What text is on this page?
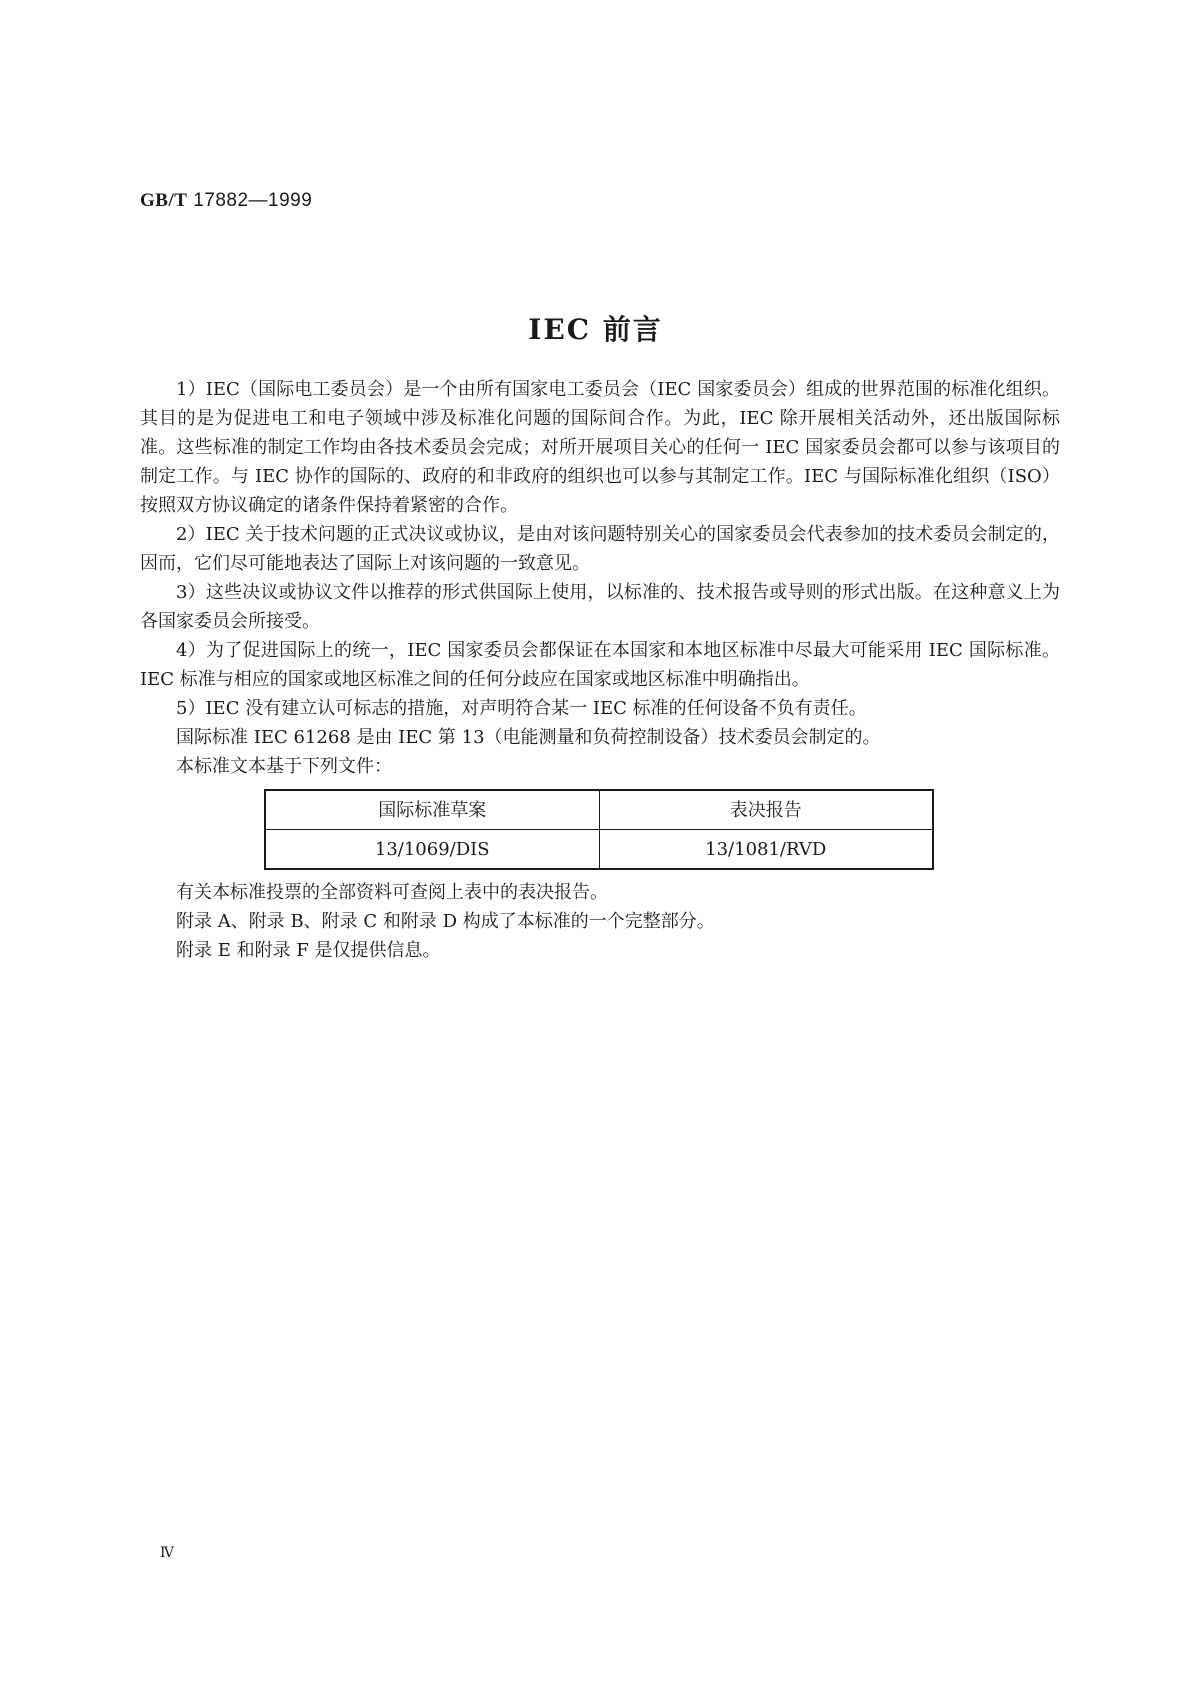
GB/T 17882—1999
IEC 前言

1）IEC（国际电工委员会）是一个由所有国家电工委员会（IEC 国家委员会）组成的世界范围的标准化组织。其目的是为促进电工和电子领域中涉及标准化问题的国际间合作。为此，IEC 除开展相关活动外，还出版国际标准。这些标准的制定工作均由各技术委员会完成；对所开展项目关心的任何一 IEC 国家委员会都可以参与该项目的制定工作。与 IEC 协作的国际的、政府的和非政府的组织也可以参与其制定工作。IEC 与国际标准化组织（ISO）按照双方协议确定的诸条件保持着紧密的合作。

2）IEC 关于技术问题的正式决议或协议，是由对该问题特别关心的国家委员会代表参加的技术委员会制定的，因而，它们尽可能地表达了国际上对该问题的一致意见。

3）这些决议或协议文件以推荐的形式供国际上使用，以标准的、技术报告或导则的形式出版。在这种意义上为各国家委员会所接受。

4）为了促进国际上的统一，IEC 国家委员会都保证在本国家和本地区标准中尽最大可能采用 IEC 国际标准。IEC 标准与相应的国家或地区标准之间的任何分歧应在国家或地区标准中明确指出。

5）IEC 没有建立认可标志的措施，对声明符合某一 IEC 标准的任何设备不负有责任。

国际标准 IEC 61268 是由 IEC 第 13（电能测量和负荷控制设备）技术委员会制定的。

本标准文本基于下列文件：

国际标准草案	表决报告
13/1069/DIS	13/1081/RVD

有关本标准投票的全部资料可查阅上表中的表决报告。

附录 A、附录 B、附录 C 和附录 D 构成了本标准的一个完整部分。

附录 E 和附录 F 是仅提供信息。

Ⅳ
